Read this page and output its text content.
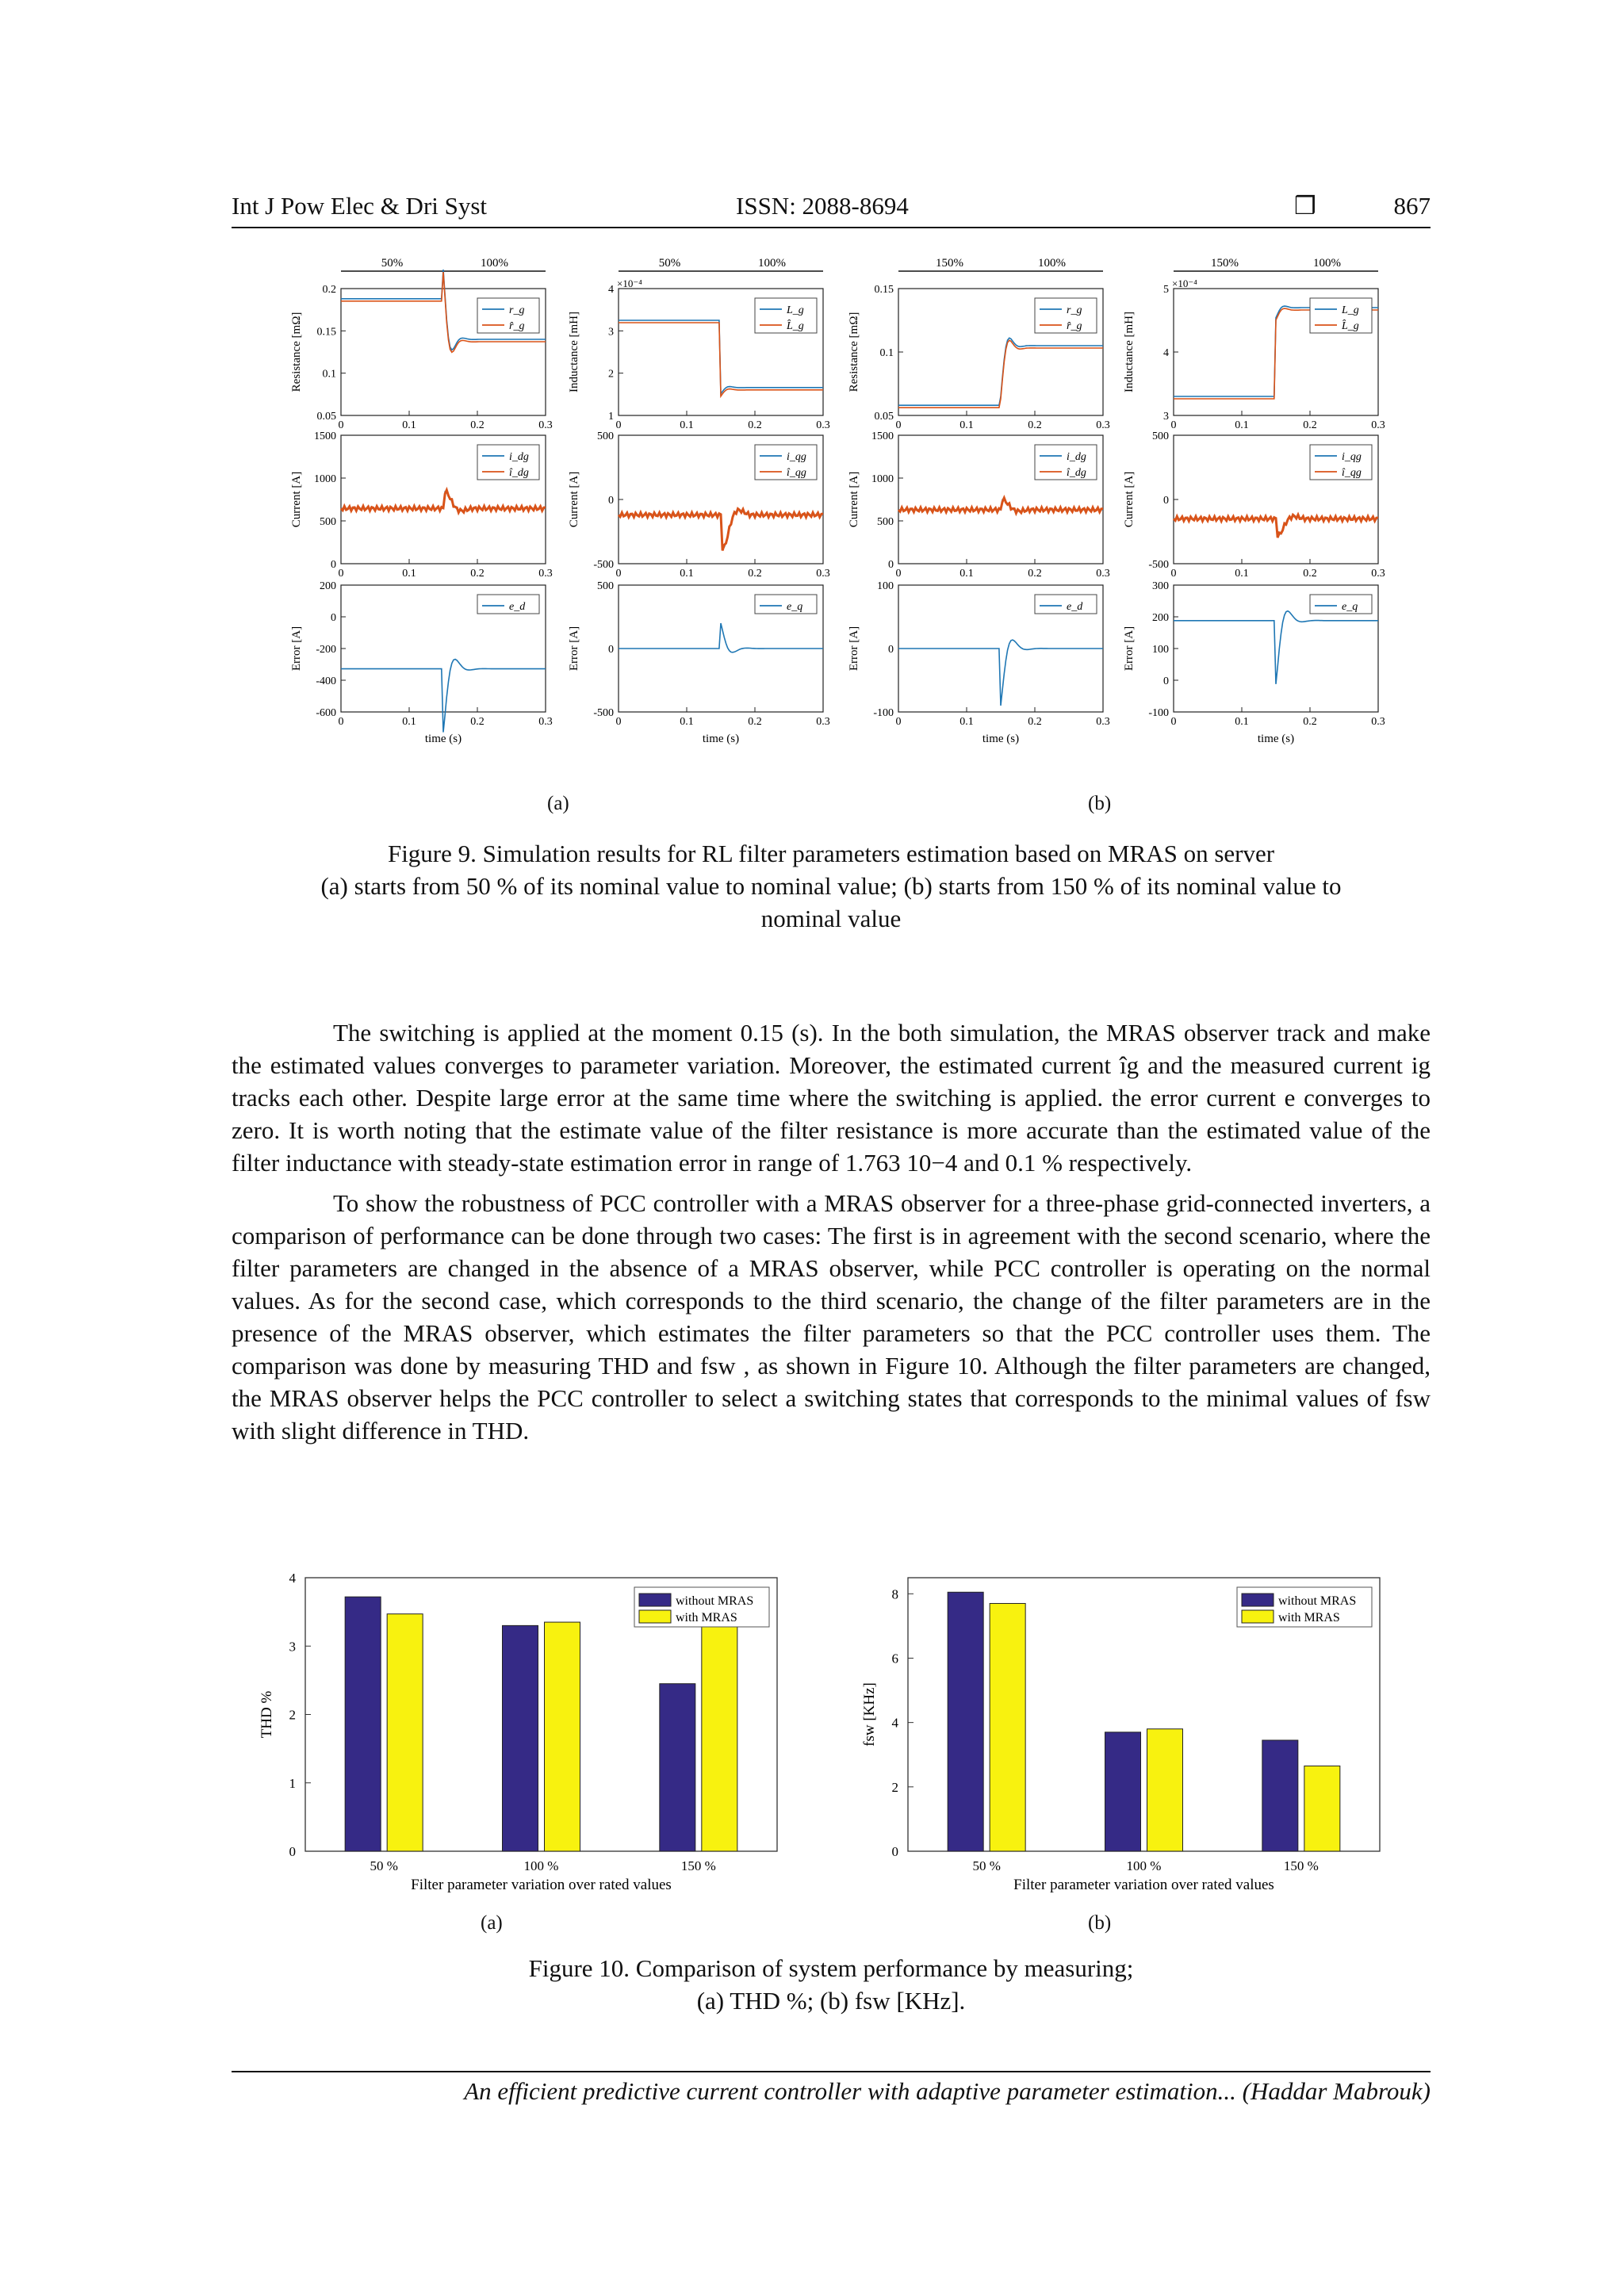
Int J Pow Elec & Dri Syst	ISSN: 2088-8694	❒	867
50%	100%	50%	100%	150%	100%	150%	100%
0.05
0.1
0.15
0.2
0	0.1	0.2	0.3
Resistance [mΩ]
r_g
r̂_g
0
500
1000
1500
0	0.1	0.2	0.3
Current [A]
i_dg
î_dg
-600
-400
-200
0
200
0	0.1	0.2	0.3
Error [A]
e_d
time (s)
1
2
3
4
0	0.1	0.2	0.3
Inductance [mH]
×10⁻⁴
L_g
L̂_g
-500
0
500
0	0.1	0.2	0.3
Current [A]
i_qg
î_qg
-500
0
500
0	0.1	0.2	0.3
Error [A]
e_q
time (s)
0.05
0.1
0.15
0	0.1	0.2	0.3
Resistance [mΩ]
r_g
r̂_g
0
500
1000
1500
0	0.1	0.2	0.3
Current [A]
i_dg
î_dg
-100
0
100
0	0.1	0.2	0.3
Error [A]
e_d
time (s)
3
4
5
0	0.1	0.2	0.3
Inductance [mH]
×10⁻⁴
L_g
L̂_g
-500
0
500
0	0.1	0.2	0.3
Current [A]
i_qg
î_qg
-100
0
100
200
300
0	0.1	0.2	0.3
Error [A]
e_q
time (s)
(a)	(b)
Figure 9. Simulation results for RL filter parameters estimation based on MRAS on server
(a) starts from 50 % of its nominal value to nominal value; (b) starts from 150 % of its nominal value to
nominal value

The switching is applied at the moment 0.15 (s). In the both simulation, the MRAS observer track and make the estimated values converges to parameter variation. Moreover, the estimated current îg and the measured current ig tracks each other. Despite large error at the same time where the switching is applied. the error current e converges to zero. It is worth noting that the estimate value of the filter resistance is more accurate than the estimated value of the filter inductance with steady-state estimation error in range of 1.763 10−4 and 0.1 % respectively.

To show the robustness of PCC controller with a MRAS observer for a three-phase grid-connected inverters, a comparison of performance can be done through two cases: The first is in agreement with the second scenario, where the filter parameters are changed in the absence of a MRAS observer, while PCC controller is operating on the normal values. As for the second case, which corresponds to the third scenario, the change of the filter parameters are in the presence of the MRAS observer, which estimates the filter parameters so that the PCC controller uses them. The comparison was done by measuring THD and fsw , as shown in Figure 10. Although the filter parameters are changed, the MRAS observer helps the PCC controller to select a switching states that corresponds to the minimal values of fsw with slight difference in THD.

0
1
2
3
4
50 %	100 %	150 %
Filter parameter variation over rated values
THD %
without MRAS
with MRAS
0
2
4
6
8
50 %	100 %	150 %
Filter parameter variation over rated values
fsw [KHz]
without MRAS
with MRAS
(a)	(b)
Figure 10. Comparison of system performance by measuring;
(a) THD %; (b) fsw [KHz].
An efficient predictive current controller with adaptive parameter estimation... (Haddar Mabrouk)
